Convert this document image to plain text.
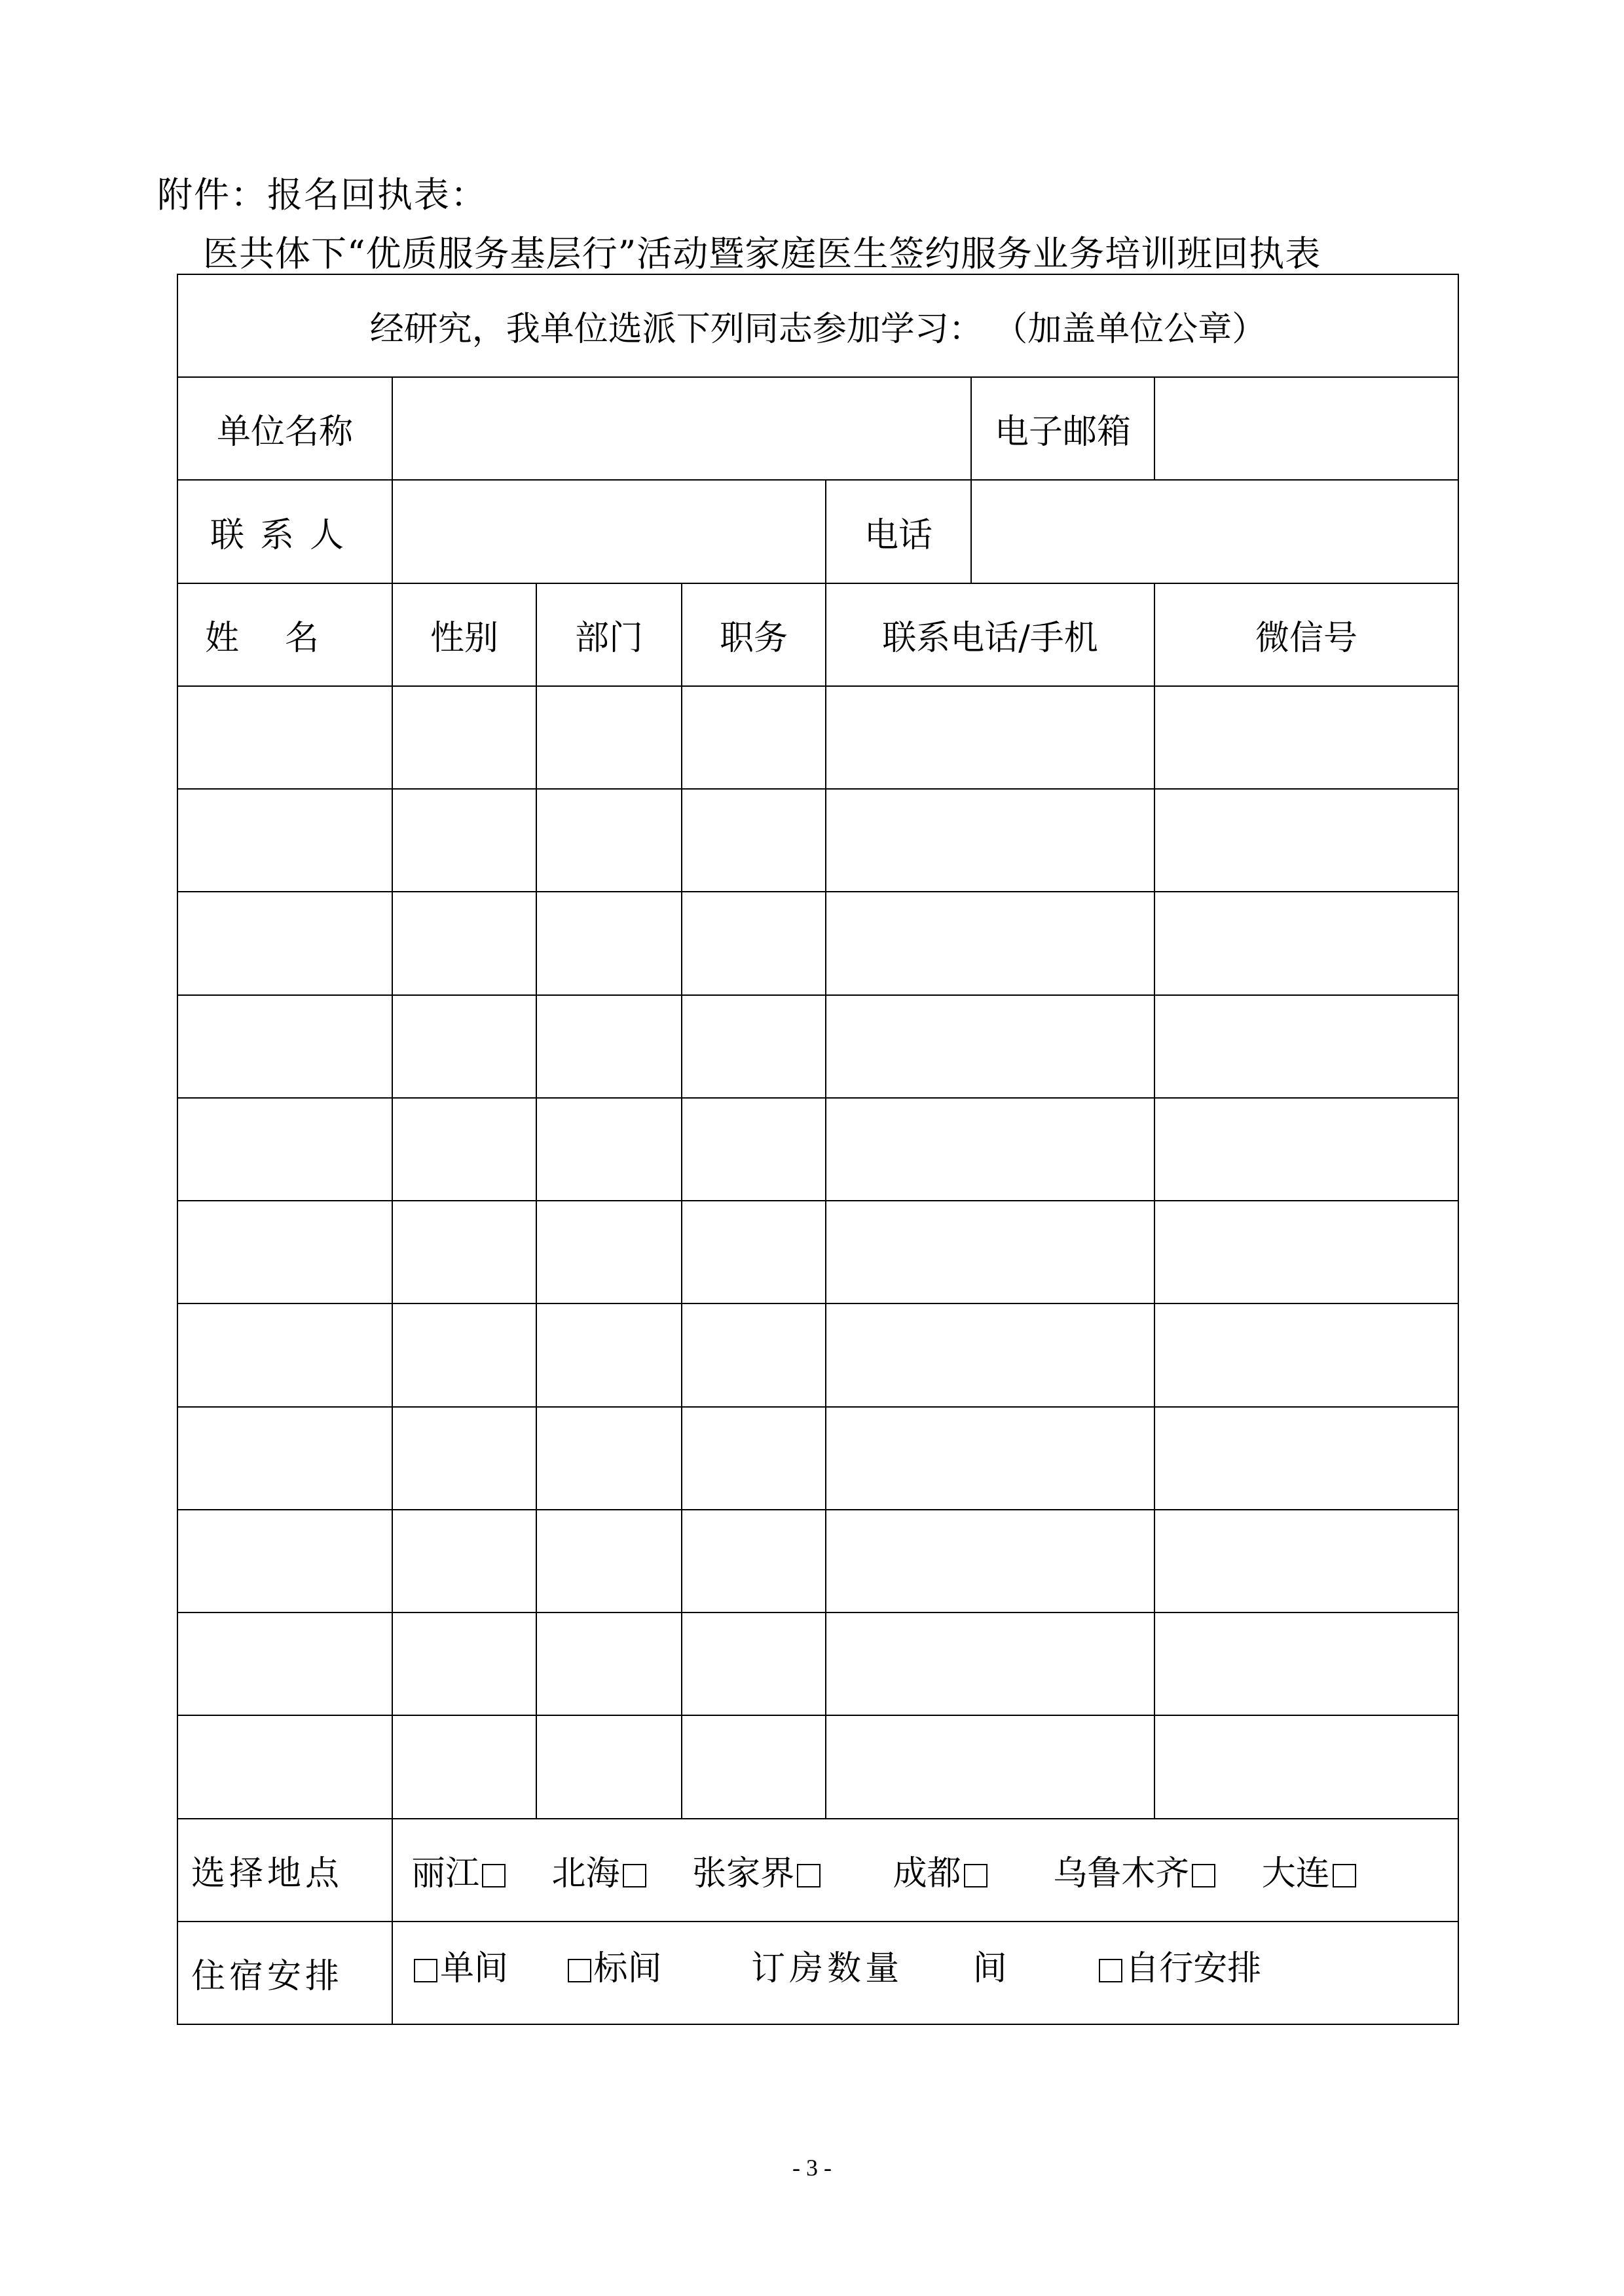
附件：报名回执表：
医共体下“优质服务基层行”活动暨家庭医生签约服务业务培训班回执表
经研究，我单位选派下列同志参加学习： （加盖单位公章）						
单位名称					电子邮箱	
联系人				电话		
姓名	性别	部门	职务	联系电话/手机		微信号

选择地点	丽江 北海 张家界 成都 乌鲁木齐 大连					
住宿安排	单间 标间 订房数量 间 自行安排					
- 3 -
